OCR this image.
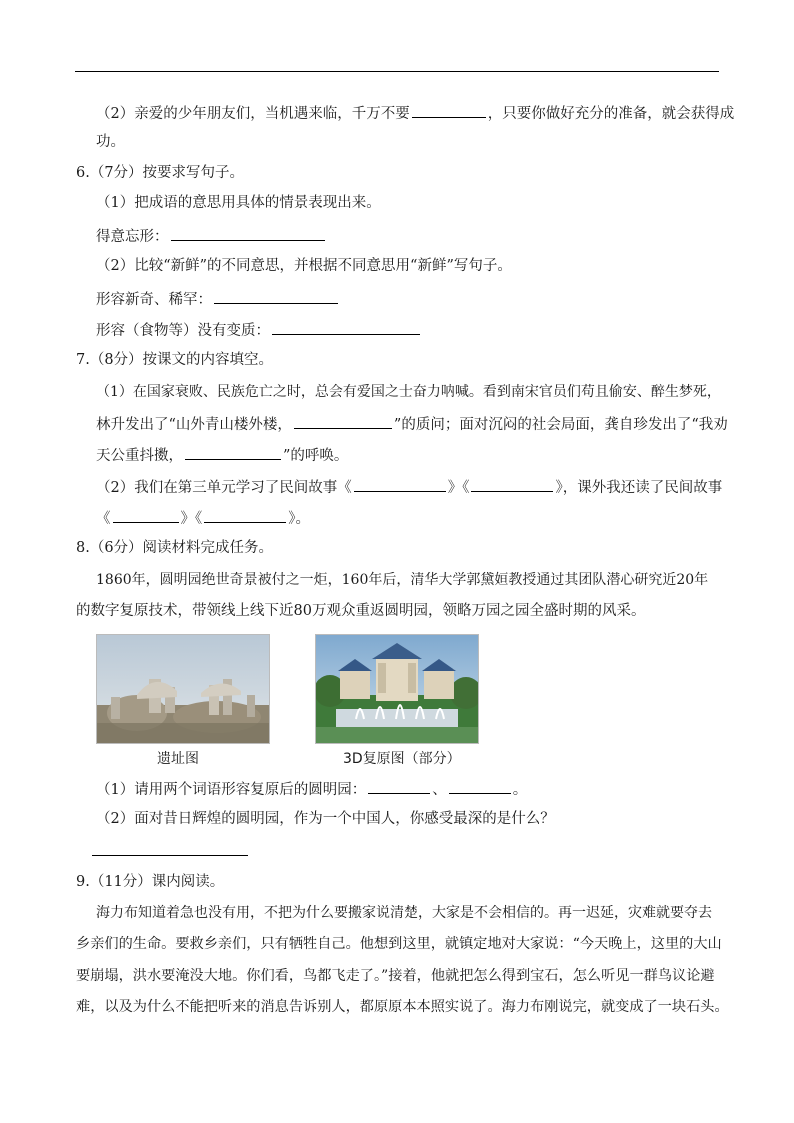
（2）亲爱的少年朋友们，当机遇来临，千万不要	，只要你做好充分的准备，就会获得成
功。
6.（7分）按要求写句子。
（1）把成语的意思用具体的情景表现出来。
得意忘形：
（2）比较“新鲜”的不同意思，并根据不同意思用“新鲜”写句子。
形容新奇、稀罕：
形容（食物等）没有变质：
7.（8分）按课文的内容填空。
（1）在国家衰败、民族危亡之时，总会有爱国之士奋力呐喊。看到南宋官员们苟且偷安、醉生梦死，
林升发出了“山外青山楼外楼，	”的质问；面对沉闷的社会局面，龚自珍发出了“我劝
天公重抖擞，	”的呼唤。
（2）我们在第三单元学习了民间故事《	》《	》，课外我还读了民间故事
《	》《	》。
8.（6分）阅读材料完成任务。
1860年，圆明园绝世奇景被付之一炬，160年后，清华大学郭黛姮教授通过其团队潜心研究近20年
的数字复原技术，带领线上线下近80万观众重返圆明园，领略万园之园全盛时期的风采。
遗址图	3D复原图（部分）
（1）请用两个词语形容复原后的圆明园：	、	。
（2）面对昔日辉煌的圆明园，作为一个中国人，你感受最深的是什么？
9.（11分）课内阅读。
海力布知道着急也没有用，不把为什么要搬家说清楚，大家是不会相信的。再一迟延，灾难就要夺去
乡亲们的生命。要救乡亲们，只有牺牲自己。他想到这里，就镇定地对大家说：“今天晚上，这里的大山
要崩塌，洪水要淹没大地。你们看，鸟都飞走了。”接着，他就把怎么得到宝石，怎么听见一群鸟议论避
难，以及为什么不能把听来的消息告诉别人，都原原本本照实说了。海力布刚说完，就变成了一块石头。
